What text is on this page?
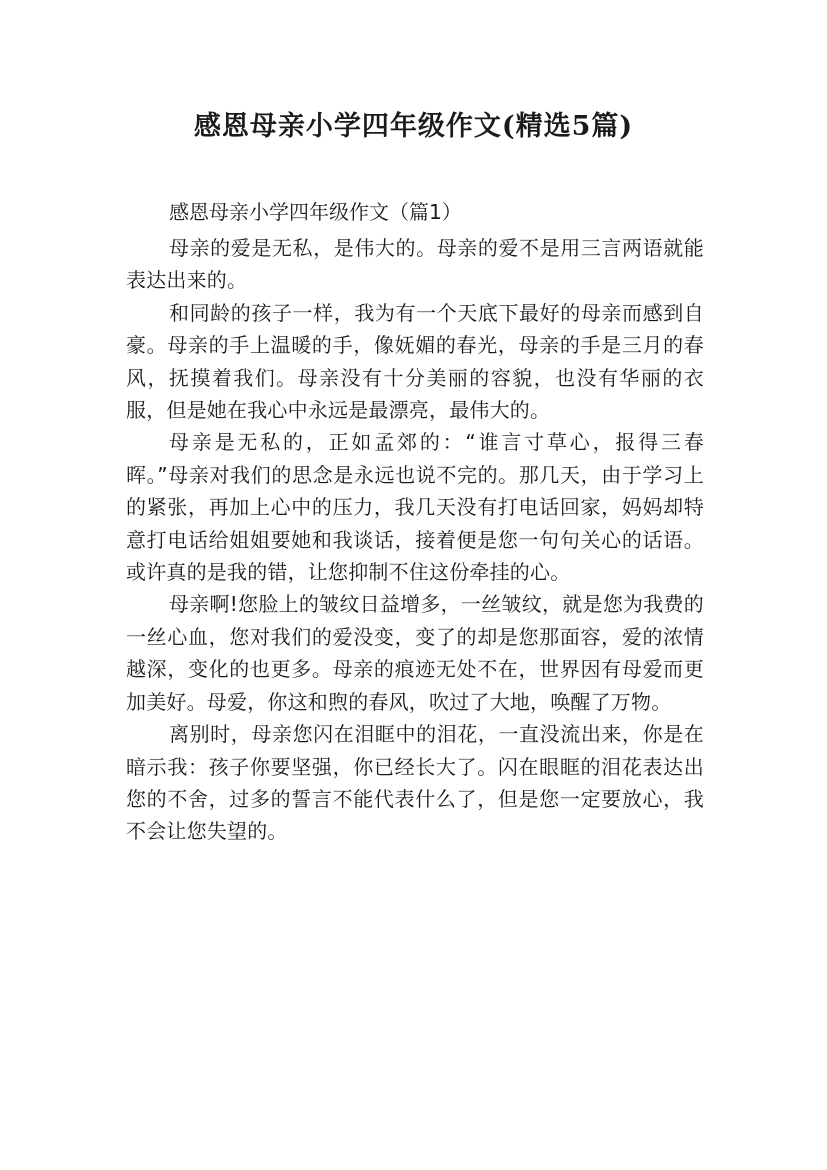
感恩母亲小学四年级作文(精选5篇)

感恩母亲小学四年级作文（篇1）

母亲的爱是无私，是伟大的。母亲的爱不是用三言两语就能表达出来的。

和同龄的孩子一样，我为有一个天底下最好的母亲而感到自豪。母亲的手上温暖的手，像妩媚的春光，母亲的手是三月的春风，抚摸着我们。母亲没有十分美丽的容貌，也没有华丽的衣服，但是她在我心中永远是最漂亮，最伟大的。

母亲是无私的，正如孟郊的：“谁言寸草心，报得三春晖。”母亲对我们的思念是永远也说不完的。那几天，由于学习上的紧张，再加上心中的压力，我几天没有打电话回家，妈妈却特意打电话给姐姐要她和我谈话，接着便是您一句句关心的话语。或许真的是我的错，让您抑制不住这份牵挂的心。

母亲啊!您脸上的皱纹日益增多，一丝皱纹，就是您为我费的一丝心血，您对我们的爱没变，变了的却是您那面容，爱的浓情越深，变化的也更多。母亲的痕迹无处不在，世界因有母爱而更加美好。母爱，你这和煦的春风，吹过了大地，唤醒了万物。

离别时，母亲您闪在泪眶中的泪花，一直没流出来，你是在暗示我：孩子你要坚强，你已经长大了。闪在眼眶的泪花表达出您的不舍，过多的誓言不能代表什么了，但是您一定要放心，我不会让您失望的。
